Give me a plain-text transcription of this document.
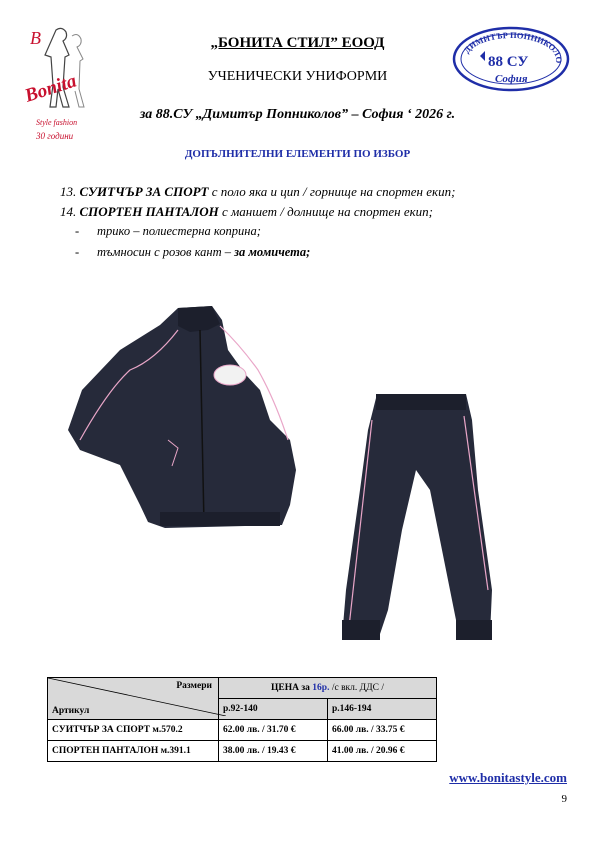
B
Bonita
Style fashion
30 години
ДИМИТЪР ПОПНИКОЛО
88 СУ
София
„БОНИТА СТИЛ” ЕООД
УЧЕНИЧЕСКИ УНИФОРМИ
за 88.СУ „Димитър Попниколов” – София ‘ 2026 г.
ДОПЪЛНИТЕЛНИ ЕЛЕМЕНТИ ПО ИЗБОР
13. СУИТЧЪР ЗА СПОРТ с поло яка и цип / горнище на спортен екип;
14. СПОРТЕН ПАНТАЛОН с маншет / долнище на спортен екип;
- трико – полиестерна коприна;
- тъмносин с розов кант – за момичета;
Размери
Артикул	ЦЕНА за 16р. /с вкл. ДДС /	
	р.92-140	р.146-194
СУИТЧЪР ЗА СПОРТ м.570.2	62.00 лв. / 31.70 €	66.00 лв. / 33.75 €
СПОРТЕН ПАНТАЛОН м.391.1	38.00 лв. / 19.43 €	41.00 лв. / 20.96 €
www.bonitastyle.com
9
